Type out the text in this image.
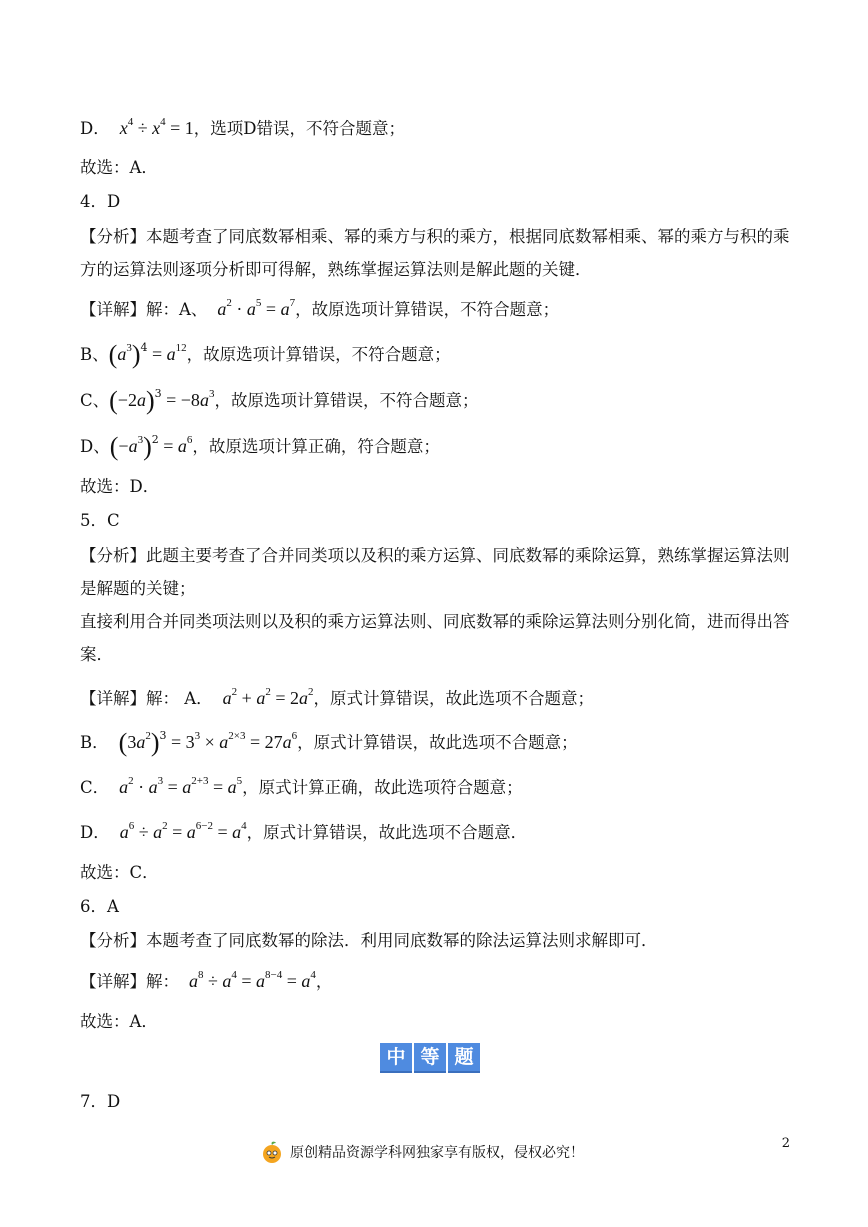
D． $x^4 \div x^4 = 1$，选项D错误，不符合题意；
故选：A．
4．D
【分析】本题考查了同底数幂相乘、幂的乘方与积的乘方，根据同底数幂相乘、幂的乘方与积的乘方的运算法则逐项分析即可得解，熟练掌握运算法则是解此题的关键．
【详解】解：A、 $a^2 \cdot a^5 = a^7$，故原选项计算错误，不符合题意；
B、$(a^3)^4 = a^{12}$，故原选项计算错误，不符合题意；
C、$(-2a)^3 = -8a^3$，故原选项计算错误，不符合题意；
D、$(-a^3)^2 = a^6$，故原选项计算正确，符合题意；
故选：D．
5．C
【分析】此题主要考查了合并同类项以及积的乘方运算、同底数幂的乘除运算，熟练掌握运算法则是解题的关键；
直接利用合并同类项法则以及积的乘方运算法则、同底数幂的乘除运算法则分别化简，进而得出答案．
【详解】解： A． $a^2 + a^2 = 2a^2$，原式计算错误，故此选项不合题意；
B． $(3a^2)^3 = 3^3 \times a^{2\times 3} = 27a^6$，原式计算错误，故此选项不合题意；
C． $a^2 \cdot a^3 = a^{2+3} = a^5$，原式计算正确，故此选项符合题意；
D． $a^6 \div a^2 = a^{6-2} = a^4$，原式计算错误，故此选项不合题意．
故选：C．
6．A
【分析】本题考查了同底数幂的除法．利用同底数幂的除法运算法则求解即可．
【详解】解： $a^8 \div a^4 = a^{8-4} = a^4$，
故选：A．
中 等 题
7．D
2
原创精品资源学科网独家享有版权，侵权必究！
